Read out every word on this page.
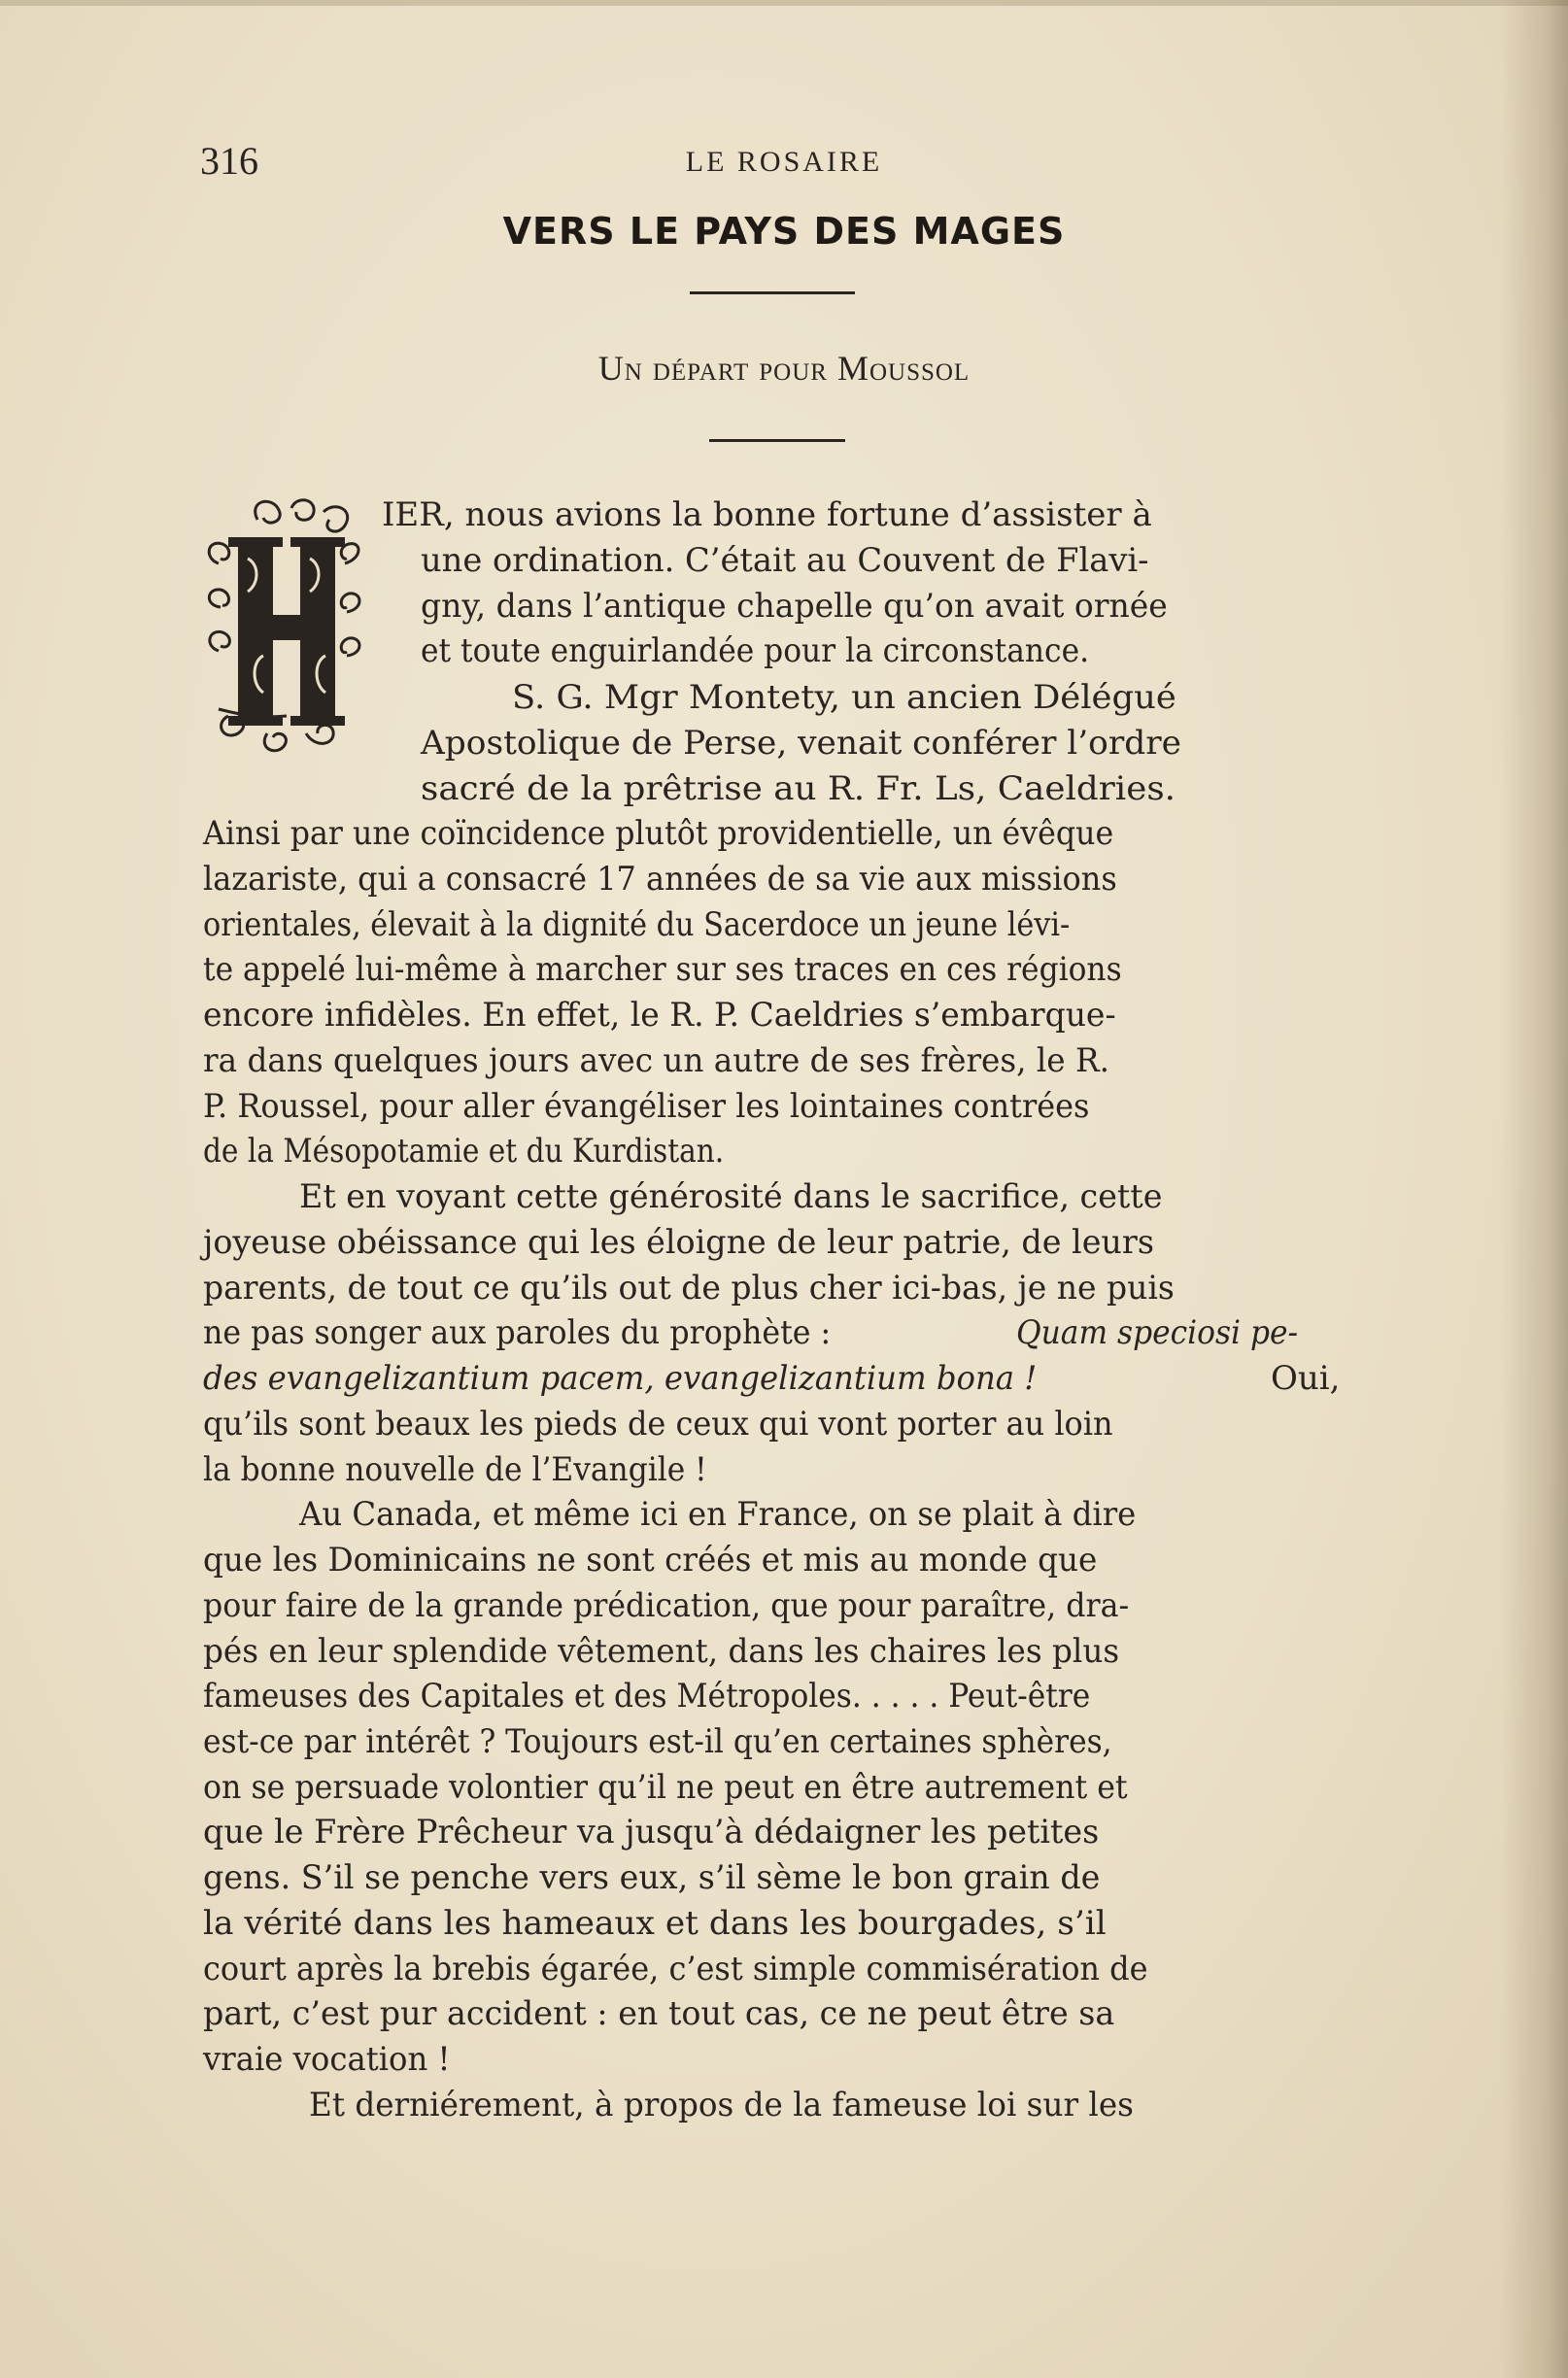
316	LE ROSAIRE
VERS LE PAYS DES MAGES
Un départ pour Moussol
IER, nous avions la bonne fortune d’assister à
une ordination. C’était au Couvent de Flavi-
gny, dans l’antique chapelle qu’on avait ornée
et toute enguirlandée pour la circonstance.
S. G. Mgr Montety, un ancien Délégué
Apostolique de Perse, venait conférer l’ordre
sacré de la prêtrise au R. Fr. Ls, Caeldries.
Ainsi par une coïncidence plutôt providentielle, un évêque
lazariste, qui a consacré 17 années de sa vie aux missions
orientales, élevait à la dignité du Sacerdoce un jeune lévi-
te appelé lui-même à marcher sur ses traces en ces régions
encore infidèles. En effet, le R. P. Caeldries s’embarque-
ra dans quelques jours avec un autre de ses frères, le R.
P. Roussel, pour aller évangéliser les lointaines contrées
de la Mésopotamie et du Kurdistan.
Et en voyant cette générosité dans le sacrifice, cette
joyeuse obéissance qui les éloigne de leur patrie, de leurs
parents, de tout ce qu’ils out de plus cher ici-bas, je ne puis
ne pas songer aux paroles du prophète :	Quam speciosi pe-
des evangelizantium pacem, evangelizantium bona !	Oui,
qu’ils sont beaux les pieds de ceux qui vont porter au loin
la bonne nouvelle de l’Evangile !
Au Canada, et même ici en France, on se plait à dire
que les Dominicains ne sont créés et mis au monde que
pour faire de la grande prédication, que pour paraître, dra-
pés en leur splendide vêtement, dans les chaires les plus
fameuses des Capitales et des Métropoles. . . . . Peut-être
est-ce par intérêt ? Toujours est-il qu’en certaines sphères,
on se persuade volontier qu’il ne peut en être autrement et
que le Frère Prêcheur va jusqu’à dédaigner les petites
gens. S’il se penche vers eux, s’il sème le bon grain de
la vérité dans les hameaux et dans les bourgades, s’il
court après la brebis égarée, c’est simple commisération de
part, c’est pur accident : en tout cas, ce ne peut être sa
vraie vocation !
Et derniérement, à propos de la fameuse loi sur les
